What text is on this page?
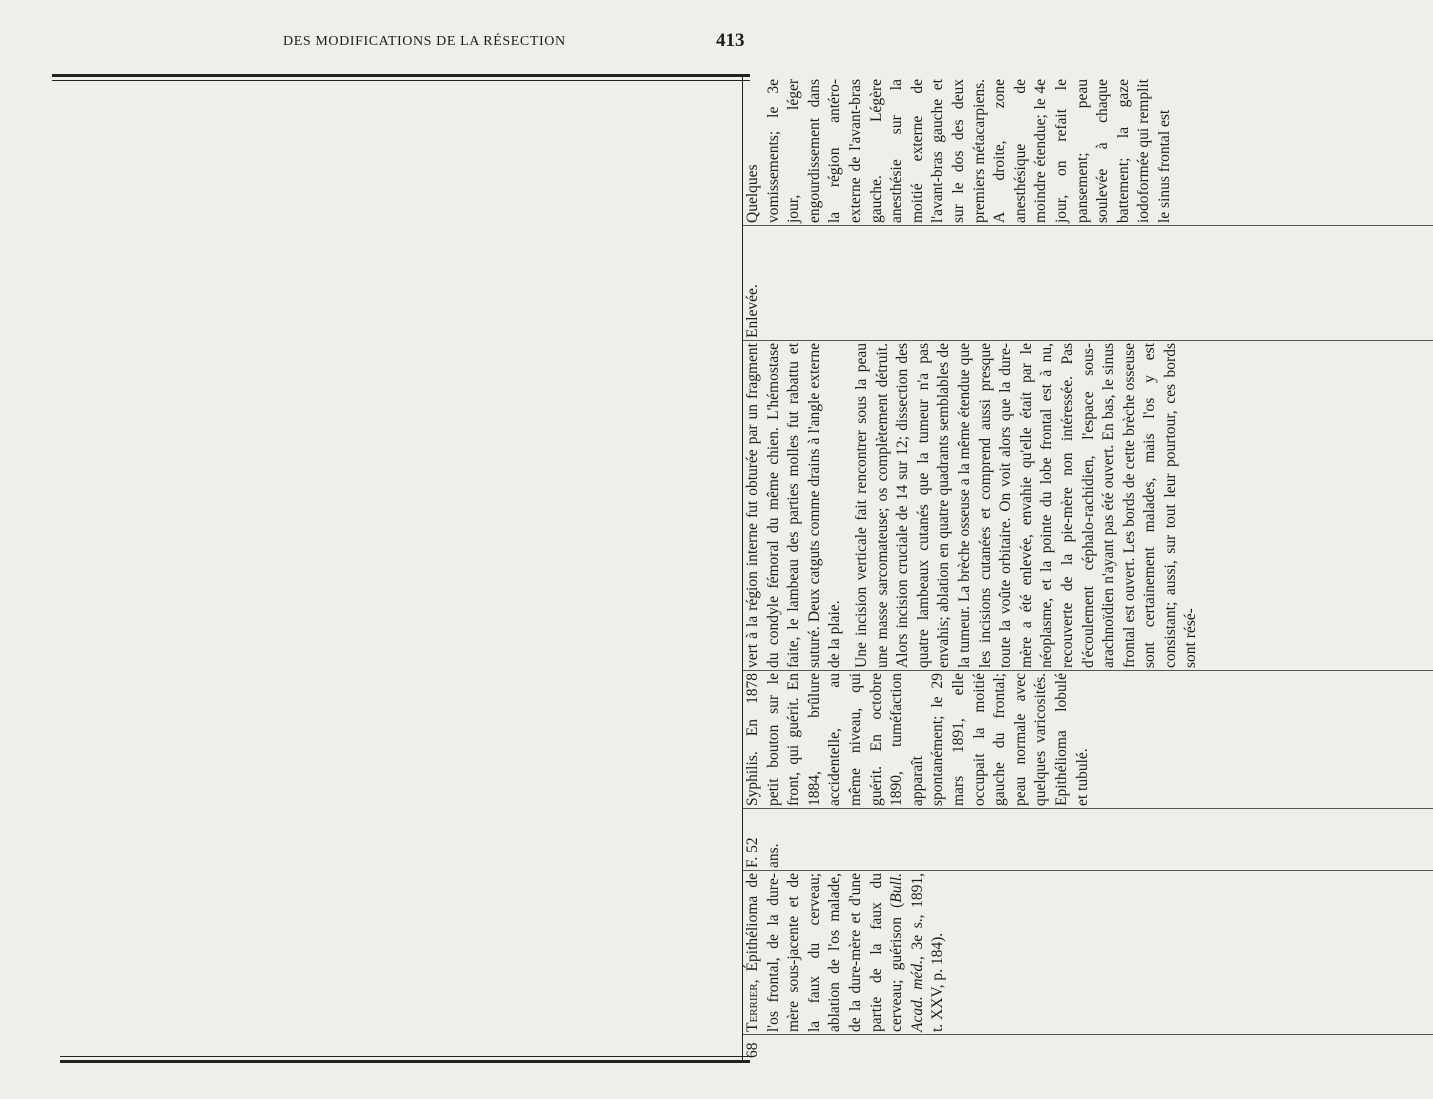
DES MODIFICATIONS DE LA RÉSECTION	413
68
Terrier, Épithélioma de l'os frontal, de la dure-mère sous-jacente et de la faux du cerveau; ablation de l'os malade, de la dure-mère et d'une partie de la faux du cerveau; guérison (Bull. Acad. méd., 3e s., 1891, t. XXV, p. 184).
F. 52 ans.
Syphilis. En 1878 petit bouton sur le front, qui guérit. En 1884, brûlure accidentelle, au même niveau, qui guérit. En octobre 1890, tuméfaction apparaît spontanément; le 29 mars 1891, elle occupait la moitié gauche du frontal; peau normale avec quelques varicosités. Epithélioma lobulé et tubulé.
vert à la région interne fut obturée par un fragment du condyle fémoral du même chien. L'hémostase faite, le lambeau des parties molles fut rabattu et suturé. Deux catguts comme drains à l'angle externe de la plaie. Une incision verticale fait rencontrer sous la peau une masse sarcomateuse; os complètement détruit. Alors incision cruciale de 14 sur 12; dissection des quatre lambeaux cutanés que la tumeur n'a pas envahis; ablation en quatre quadrants semblables de la tumeur. La brèche osseuse a la même étendue que les incisions cutanées et comprend aussi presque toute la voûte orbitaire. On voit alors que la dure-mère a été enlevée, envahie qu'elle était par le néoplasme, et la pointe du lobe frontal est à nu, recouverte de la pie-mère non intéressée. Pas d'écoulement céphalo-rachidien, l'espace sous-arachnoïdien n'ayant pas été ouvert. En bas, le sinus frontal est ouvert. Les bords de cette brèche osseuse sont certainement malades, mais l'os y est consistant; aussi, sur tout leur pourtour, ces bords sont résé-
Enlevée.
Quelques vomissements; le 3e jour, léger engourdissement dans la région antéro-externe de l'avant-bras gauche. Légère anesthésie sur la moitié externe de l'avant-bras gauche et sur le dos des deux premiers métacarpiens. A droite, zone anesthésique de moindre étendue; le 4e jour, on refait le pansement; peau soulevée à chaque battement; la gaze iodoformée qui remplit le sinus frontal est
